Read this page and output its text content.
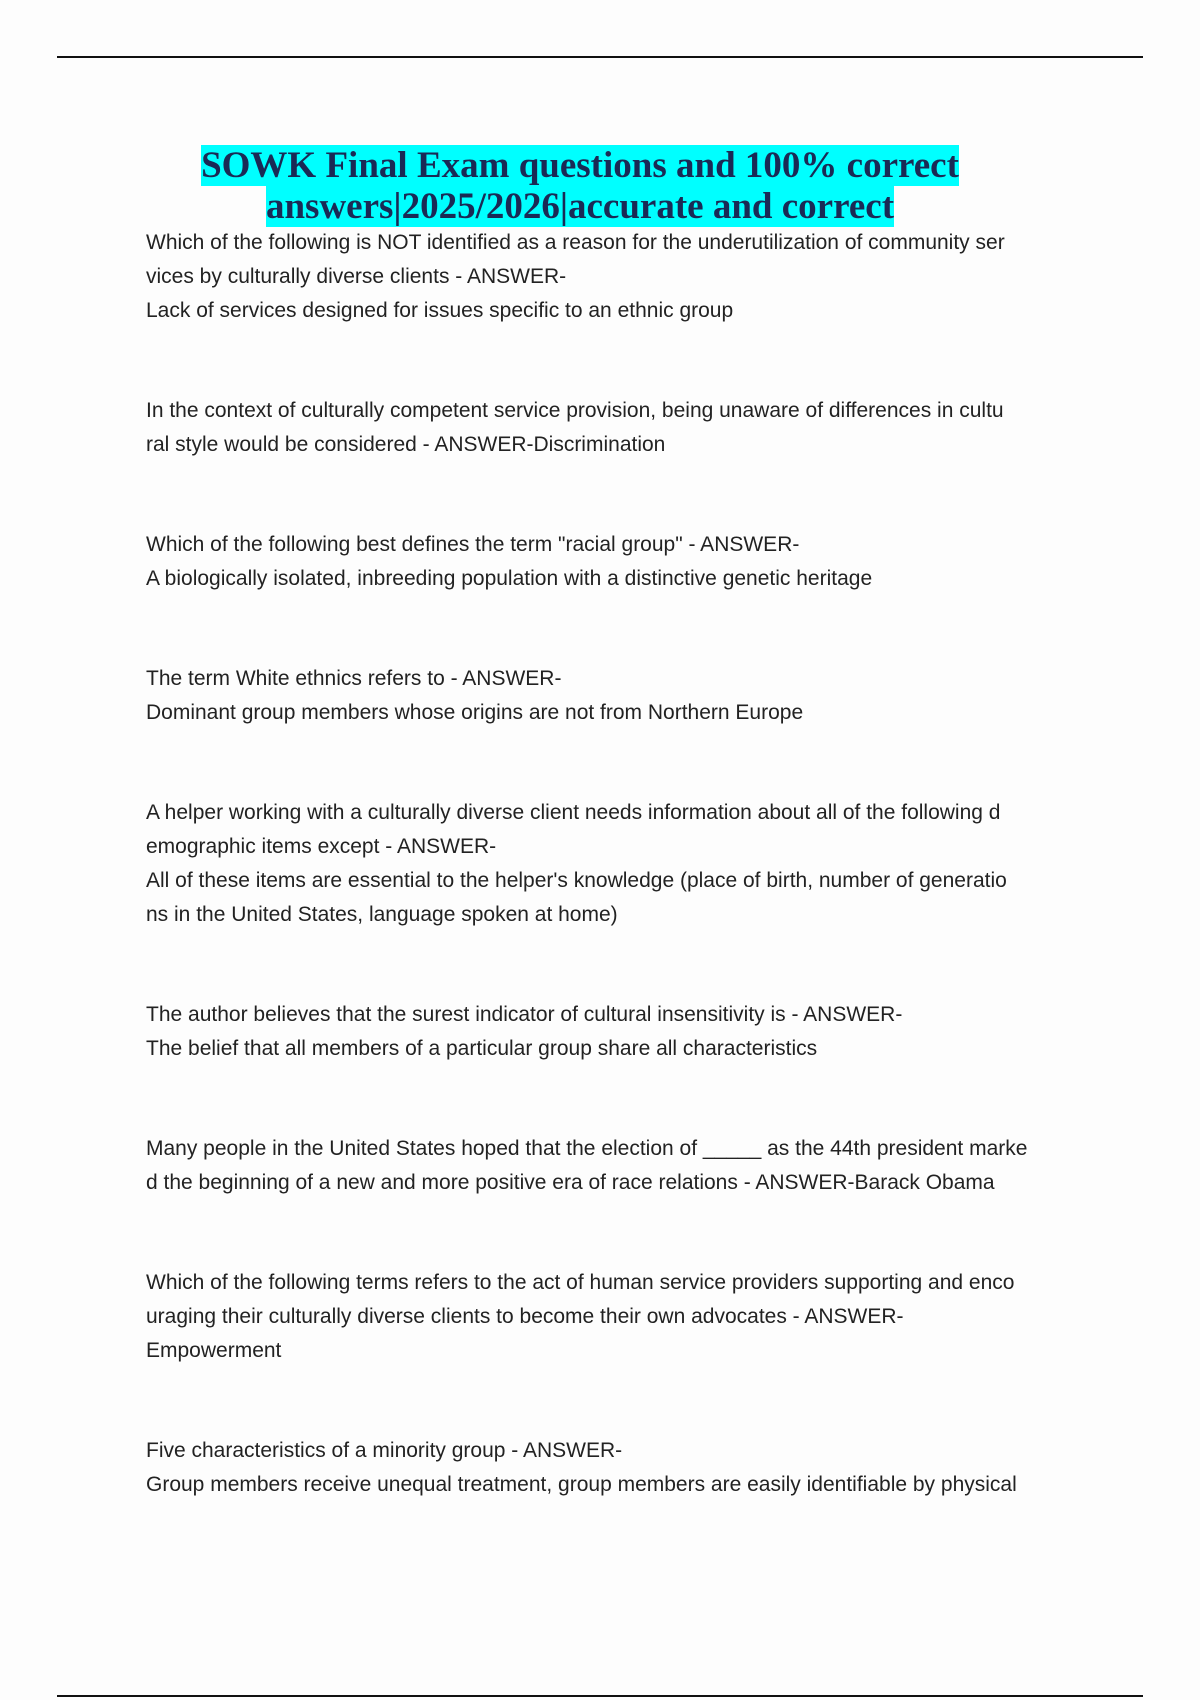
SOWK Final Exam questions and 100% correct
answers|2025/2026|accurate and correct

Which of the following is NOT identified as a reason for the underutilization of community ser

vices by culturally diverse clients - ANSWER-

Lack of services designed for issues specific to an ethnic group

In the context of culturally competent service provision, being unaware of differences in cultu

ral style would be considered - ANSWER-Discrimination

Which of the following best defines the term "racial group" - ANSWER-

A biologically isolated, inbreeding population with a distinctive genetic heritage

The term White ethnics refers to - ANSWER-

Dominant group members whose origins are not from Northern Europe

A helper working with a culturally diverse client needs information about all of the following d

emographic items except - ANSWER-

All of these items are essential to the helper's knowledge (place of birth, number of generatio

ns in the United States, language spoken at home)

The author believes that the surest indicator of cultural insensitivity is - ANSWER-

The belief that all members of a particular group share all characteristics

Many people in the United States hoped that the election of _____ as the 44th president marke

d the beginning of a new and more positive era of race relations - ANSWER-Barack Obama

Which of the following terms refers to the act of human service providers supporting and enco

uraging their culturally diverse clients to become their own advocates - ANSWER-

Empowerment

Five characteristics of a minority group - ANSWER-

Group members receive unequal treatment, group members are easily identifiable by physical
